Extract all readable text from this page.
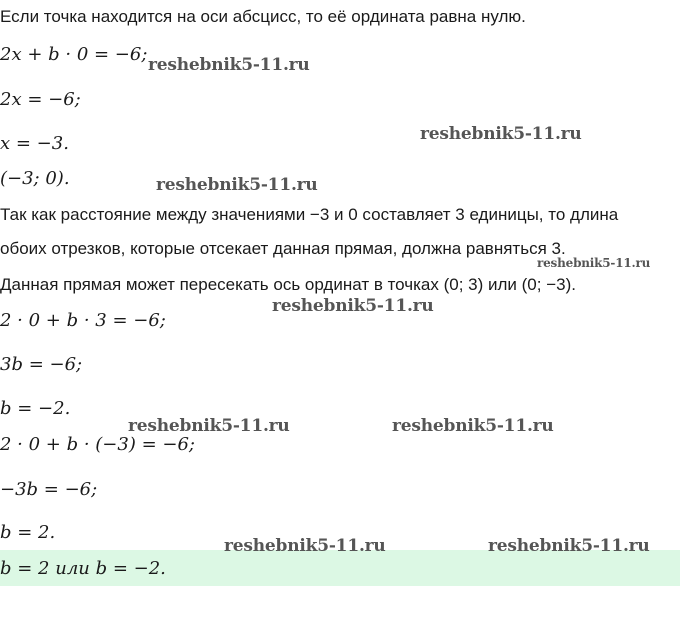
Если точка находится на оси абсцисс, то её ордината равна нулю.
2x + b · 0 = −6;
2x = −6;
x = −3.
(−3; 0).
Так как расстояние между значениями −3 и 0 составляет 3 единицы, то длина
обоих отрезков, которые отсекает данная прямая, должна равняться 3.
Данная прямая может пересекать ось ординат в точках (0; 3) или (0; −3).
2 · 0 + b · 3 = −6;
3b = −6;
b = −2.
2 · 0 + b · (−3) = −6;
−3b = −6;
b = 2.
b = 2 или b = −2.
reshebnik5-11.ru
reshebnik5-11.ru
reshebnik5-11.ru
reshebnik5-11.ru
reshebnik5-11.ru
reshebnik5-11.ru	reshebnik5-11.ru
reshebnik5-11.ru	reshebnik5-11.ru
